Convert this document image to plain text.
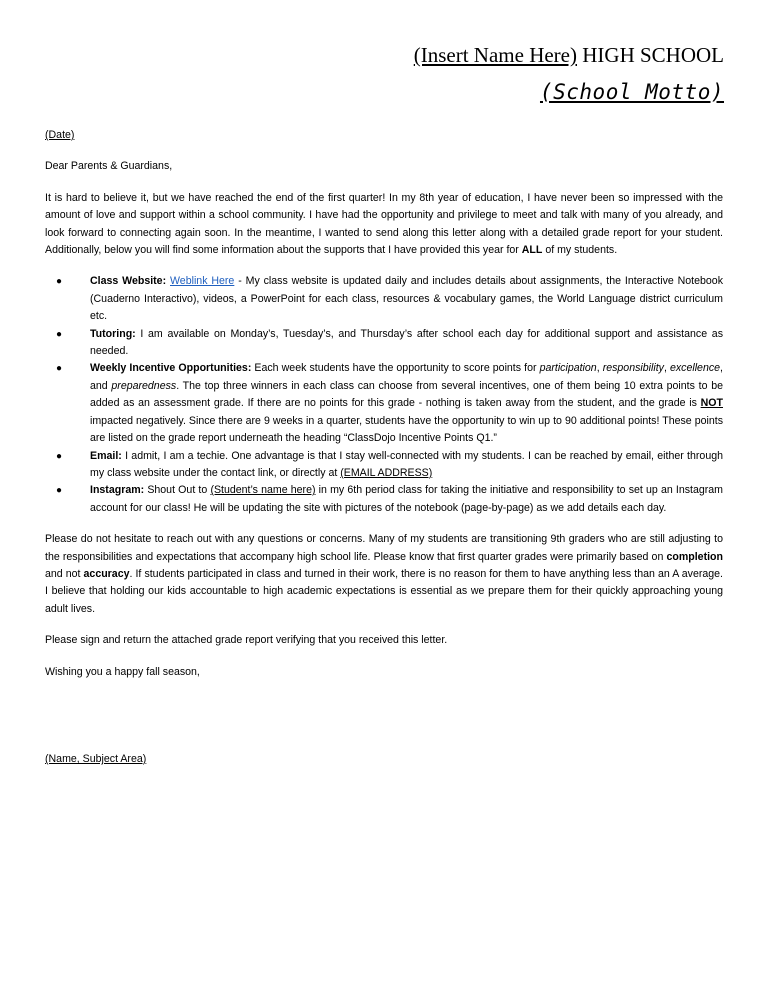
(Insert Name Here) HIGH SCHOOL
(School Motto)

(Date)

Dear Parents & Guardians,

It is hard to believe it, but we have reached the end of the first quarter! In my 8th year of education, I have never been so impressed with the amount of love and support within a school community. I have had the opportunity and privilege to meet and talk with many of you already, and look forward to connecting again soon. In the meantime, I wanted to send along this letter along with a detailed grade report for your student. Additionally, below you will find some information about the supports that I have provided this year for ALL of my students.

●	Class Website: Weblink Here - My class website is updated daily and includes details about assignments, the Interactive Notebook (Cuaderno Interactivo), videos, a PowerPoint for each class, resources & vocabulary games, the World Language district curriculum etc.
●	Tutoring: I am available on Monday’s, Tuesday’s, and Thursday’s after school each day for additional support and assistance as needed.
●	Weekly Incentive Opportunities: Each week students have the opportunity to score points for participation, responsibility, excellence, and preparedness. The top three winners in each class can choose from several incentives, one of them being 10 extra points to be added as an assessment grade. If there are no points for this grade - nothing is taken away from the student, and the grade is NOT impacted negatively. Since there are 9 weeks in a quarter, students have the opportunity to win up to 90 additional points! These points are listed on the grade report underneath the heading “ClassDojo Incentive Points Q1.”
●	Email: I admit, I am a techie. One advantage is that I stay well-connected with my students. I can be reached by email, either through my class website under the contact link, or directly at (EMAIL ADDRESS)
●	Instagram: Shout Out to (Student’s name here) in my 6th period class for taking the initiative and responsibility to set up an Instagram account for our class! He will be updating the site with pictures of the notebook (page-by-page) as we add details each day.

Please do not hesitate to reach out with any questions or concerns. Many of my students are transitioning 9th graders who are still adjusting to the responsibilities and expectations that accompany high school life. Please know that first quarter grades were primarily based on completion and not accuracy. If students participated in class and turned in their work, there is no reason for them to have anything less than an A average. I believe that holding our kids accountable to high academic expectations is essential as we prepare them for their quickly approaching young adult lives.

Please sign and return the attached grade report verifying that you received this letter.

Wishing you a happy fall season,

(Name, Subject Area)
